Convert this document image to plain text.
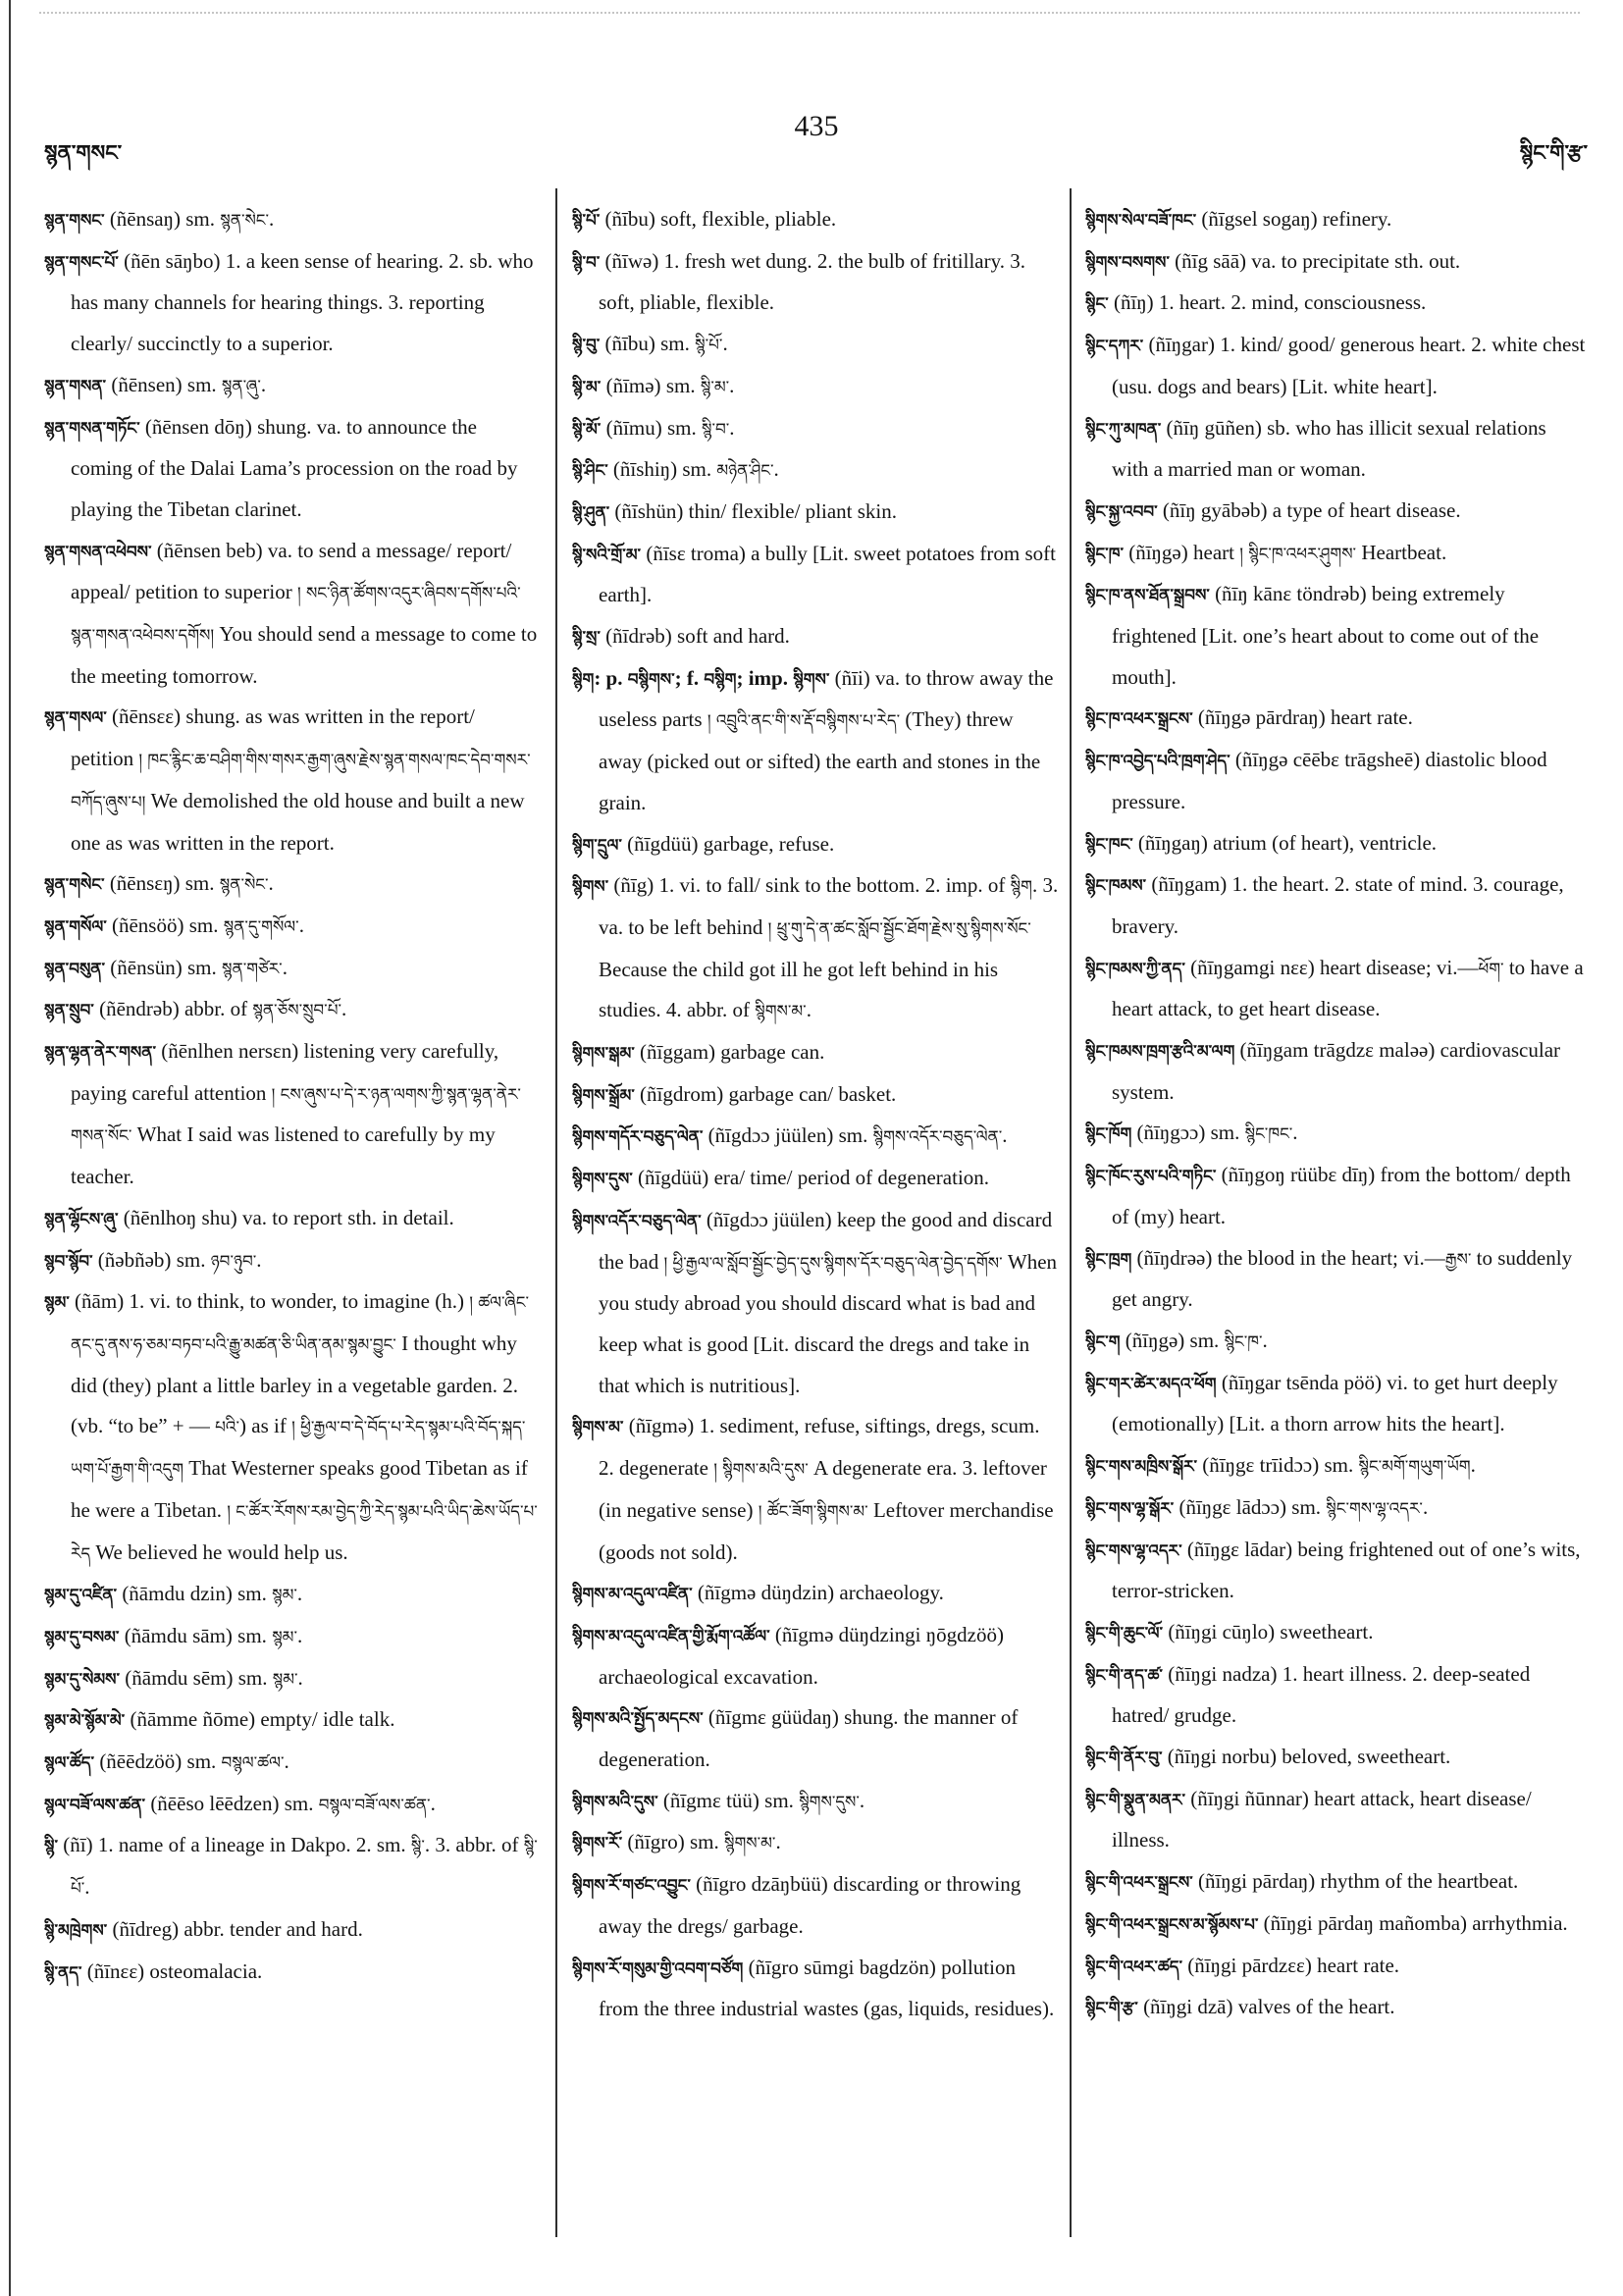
སྙན་གསང་
435
སྙིང་གི་རྩ་

སྙན་གསང་ (ñēnsaŋ) sm. སྙན་སེང་.

སྙན་གསང་པོ་ (ñēn sāŋbo) 1. a keen sense of hearing. 2. sb. who has many channels for hearing things. 3. reporting clearly/ succinctly to a superior.

སྙན་གསན་ (ñēnsen) sm. སྙན་ཞུ་.

སྙན་གསན་གཏོང་ (ñēnsen dōŋ) shung. va. to announce the coming of the Dalai Lama’s procession on the road by playing the Tibetan clarinet.

སྙན་གསན་འཕེབས་ (ñēnsen beb) va. to send a message/ report/ appeal/ petition to superior ། སང་ཉིན་ཚོགས་འདུར་ཞིབས་དགོས་པའི་སྙན་གསན་འཕེབས་དགོས། You should send a message to come to the meeting tomorrow.

སྙན་གསལ་ (ñēnsɛɛ) shung. as was written in the report/ petition ། ཁང་རྙིང་ཆ་བཤིག་གིས་གསར་རྒྱག་ཞུས་རྗེས་སྙན་གསལ་ཁང་དེབ་གསར་བཀོད་ཞུས་པ། We demolished the old house and built a new one as was written in the report.

སྙན་གསེང་ (ñēnsɛŋ) sm. སྙན་སེང་.

སྙན་གསོལ་ (ñēnsöö) sm. སྙན་དུ་གསོལ་.

སྙན་བསུན་ (ñēnsün) sm. སྙན་གཙེར་.

སྙན་སྲུབ་ (ñēndrəb) abbr. of སྙན་ཅོས་སྲུབ་པོ་.

སྙན་ལྷན་ནེར་གསན་ (ñēnlhen nersɛn) listening very carefully, paying careful attention ། ངས་ཞུས་པ་དེ་ར་ཉན་ལགས་ཀྱི་སྙན་ལྷན་ནེར་གསན་སོང་ What I said was listened to carefully by my teacher.

སྙན་ལྷོངས་ཞུ་ (ñēnlhoŋ shu) va. to report sth. in detail.

སྙབ་སྙོབ་ (ñəbñəb) sm. ཉབ་ཉུབ་.

སྙམ་ (ñām) 1. vi. to think, to wonder, to imagine (h.) ། ཚལ་ཞིང་ནང་དུ་ནས་ཧ་ཅམ་བཏབ་པའི་རྒྱུ་མཚན་ཅི་ཡིན་ནམ་སྙམ་བྱུང་ I thought why did (they) plant a little barley in a vegetable garden. 2. (vb. “to be” + — པའི་) as if ། ཕྱི་རྒྱལ་བ་དེ་བོད་པ་རེད་སྙམ་པའི་བོད་སྐད་ཡག་པོ་རྒྱག་གི་འདུག That Westerner speaks good Tibetan as if he were a Tibetan. ། ང་ཚོར་རོགས་རམ་བྱེད་ཀྱི་རེད་སྙམ་པའི་ཡིད་ཆེས་ཡོད་པ་རེད We believed he would help us.

སྙམ་དུ་འཛིན་ (ñāmdu dzin) sm. སྙམ་.

སྙམ་དུ་བསམ་ (ñāmdu sām) sm. སྙམ་.

སྙམ་དུ་སེམས་ (ñāmdu sēm) sm. སྙམ་.

སྙམ་མེ་སྙོམ་མེ་ (ñāmme ñōme) empty/ idle talk.

སྙལ་ཚོད་ (ñēēdzöö) sm. བསྙལ་ཚལ་.

སྙལ་བཟོ་ལས་ཚན་ (ñēēso lēēdzen) sm. བསྙལ་བཟོ་ལས་ཚན་.

སྙི་ (ñī) 1. name of a lineage in Dakpo. 2. sm. སྙི་. 3. abbr. of སྙི་པོ་.

སྙི་མཁྲེགས་ (ñīdreg) abbr. tender and hard.

སྙི་ནད་ (ñīnɛɛ) osteomalacia.

སྙི་པོ་ (ñību) soft, flexible, pliable.

སྙི་བ་ (ñīwə) 1. fresh wet dung. 2. the bulb of fritillary. 3. soft, pliable, flexible.

སྙི་བུ་ (ñību) sm. སྙི་པོ་.

སྙི་མ་ (ñīmə) sm. སྙི་མ་.

སྙི་མོ་ (ñīmu) sm. སྙི་བ་.

སྙི་ཤིང་ (ñīshiŋ) sm. མཉེན་ཤིང་.

སྙི་ཤུན་ (ñīshün) thin/ flexible/ pliant skin.

སྙི་སའི་གྲོ་མ་ (ñīsɛ troma) a bully [Lit. sweet potatoes from soft earth].

སྙི་སྲ་ (ñīdrəb) soft and hard.

སྙིག: p. བསྙིགས་; f. བསྙིག; imp. སྙིགས་ (ñīi) va. to throw away the useless parts ། འབྲུའི་ནང་གི་ས་རྡོ་བསྙིགས་པ་རེད་ (They) threw away (picked out or sifted) the earth and stones in the grain.

སྙིག་དྲུལ་ (ñīgdüü) garbage, refuse.

སྙིགས་ (ñīg) 1. vi. to fall/ sink to the bottom. 2. imp. of སྙིག. 3. va. to be left behind ། ཕྲུ་གུ་དེ་ན་ཚང་སློབ་སྦྱོང་ཐོག་རྗེས་སུ་སྙིགས་སོང་ Because the child got ill he got left behind in his studies. 4. abbr. of སྙིགས་མ་.

སྙིགས་སྒམ་ (ñīggam) garbage can.

སྙིགས་སྒྲོམ་ (ñīgdrom) garbage can/ basket.

སྙིགས་གདོར་བཅུད་ལེན་ (ñīgdɔɔ jüülen) sm. སྙིགས་འདོར་བཅུད་ལེན་.

སྙིགས་དུས་ (ñīgdüü) era/ time/ period of degeneration.

སྙིགས་འདོར་བཅུད་ལེན་ (ñīgdɔɔ jüülen) keep the good and discard the bad ། ཕྱི་རྒྱལ་ལ་སློབ་སྦྱོང་བྱེད་དུས་སྙིགས་དོར་བཅུད་ལེན་བྱེད་དགོས་ When you study abroad you should discard what is bad and keep what is good [Lit. discard the dregs and take in that which is nutritious].

སྙིགས་མ་ (ñīgmə) 1. sediment, refuse, siftings, dregs, scum. 2. degenerate ། སྙིགས་མའི་དུས་ A degenerate era. 3. leftover (in negative sense) ། ཚོང་ཟོག་སྙིགས་མ་ Leftover merchandise (goods not sold).

སྙིགས་མ་འདུལ་འཛིན་ (ñīgmə düŋdzin) archaeology.

སྙིགས་མ་འདུལ་འཛིན་གྱི་རྨོག་འཚོལ་ (ñīgmə düŋdzingi ŋōgdzöö) archaeological excavation.

སྙིགས་མའི་སྤྱོད་མདངས་ (ñīgmɛ güüdaŋ) shung. the manner of degeneration.

སྙིགས་མའི་དུས་ (ñīgmɛ tüü) sm. སྙིགས་དུས་.

སྙིགས་རོ་ (ñīgro) sm. སྙིགས་མ་.

སྙིགས་རོ་གཙང་འབྱུང་ (ñīgro dzāŋbüü) discarding or throwing away the dregs/ garbage.

སྙིགས་རོ་གསུམ་གྱི་འབག་བཙོག (ñīgro sūmgi bagdzön) pollution from the three industrial wastes (gas, liquids, residues).

སྙིགས་སེལ་བཟོ་ཁང་ (ñīgsel sogaŋ) refinery.

སྙིགས་བསགས་ (ñīg sāā) va. to precipitate sth. out.

སྙིང་ (ñīŋ) 1. heart. 2. mind, consciousness.

སྙིང་དཀར་ (ñīŋgar) 1. kind/ good/ generous heart. 2. white chest (usu. dogs and bears) [Lit. white heart].

སྙིང་ཀུ་མཁན་ (ñīŋ gūñen) sb. who has illicit sexual relations with a married man or woman.

སྙིང་སྐྱ་འབབ་ (ñīŋ gyābəb) a type of heart disease.

སྙིང་ཁ་ (ñīŋgə) heart ། སྙིང་ཁ་འཕར་ཤུགས་ Heartbeat.

སྙིང་ཁ་ནས་ཐོན་སྒྲབས་ (ñīŋ kānɛ töndrəb) being extremely frightened [Lit. one’s heart about to come out of the mouth].

སྙིང་ཁ་འཕར་སྒྲངས་ (ñīŋgə pārdraŋ) heart rate.

སྙིང་ཁ་འབྱེད་པའི་ཁྲག་ཤེད་ (ñīŋgə cēēbɛ trāgsheē) diastolic blood pressure.

སྙིང་ཁང་ (ñīŋgaŋ) atrium (of heart), ventricle.

སྙིང་ཁམས་ (ñīŋgam) 1. the heart. 2. state of mind. 3. courage, bravery.

སྙིང་ཁམས་ཀྱི་ནད་ (ñīŋgamgi nɛɛ) heart disease; vi.—ཕོག་ to have a heart attack, to get heart disease.

སྙིང་ཁམས་ཁྲག་རྩའི་མ་ལག (ñīŋgam trāgdzɛ maləə) cardiovascular system.

སྙིང་ཁོག (ñīŋgɔɔ) sm. སྙིང་ཁང་.

སྙིང་ཁོང་རུས་པའི་གཏིང་ (ñīŋgoŋ rüübɛ dīŋ) from the bottom/ depth of (my) heart.

སྙིང་ཁྲག (ñīŋdrəə) the blood in the heart; vi.—རྒྱས་ to suddenly get angry.

སྙིང་ག (ñīŋgə) sm. སྙིང་ཁ་.

སྙིང་གར་ཚེར་མདའ་ཕོག (ñīŋgar tsēnda pöö) vi. to get hurt deeply (emotionally) [Lit. a thorn arrow hits the heart].

སྙིང་གས་མཁྲིས་སྒོར་ (ñīŋgɛ trīidɔɔ) sm. སྙིང་མགོ་གཡུག་ཡོག.

སྙིང་གས་ལྷ་སྒོར་ (ñīŋgɛ lādɔɔ) sm. སྙིང་གས་ལྷ་འདར་.

སྙིང་གས་ལྷ་འདར་ (ñīŋgɛ lādar) being frightened out of one’s wits, terror-stricken.

སྙིང་གི་ཆུང་ལོ་ (ñīŋgi cūŋlo) sweetheart.

སྙིང་གི་ནད་ཚ་ (ñīŋgi nadza) 1. heart illness. 2. deep-seated hatred/ grudge.

སྙིང་གི་ནོར་བུ་ (ñīŋgi norbu) beloved, sweetheart.

སྙིང་གི་སྣུན་མནར་ (ñīŋgi ñūnnar) heart attack, heart disease/ illness.

སྙིང་གི་འཕར་སྒྲངས་ (ñīŋgi pārdaŋ) rhythm of the heartbeat.

སྙིང་གི་འཕར་སྒྲངས་མ་སྙོམས་པ་ (ñīŋgi pārdaŋ mañomba) arrhythmia.

སྙིང་གི་འཕར་ཚད་ (ñīŋgi pārdzɛɛ) heart rate.

སྙིང་གི་རྩ་ (ñīŋgi dzā) valves of the heart.
